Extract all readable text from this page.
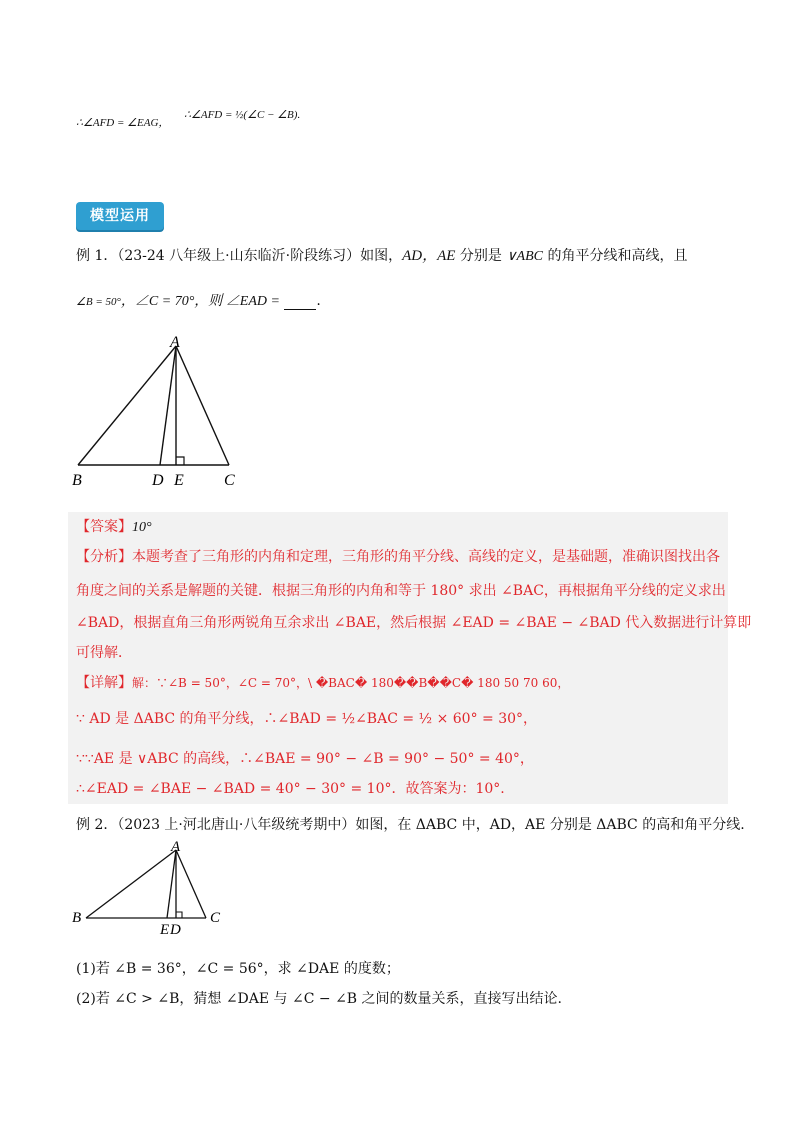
∴∠AFD = ∠EAG，
∴∠AFD = ½(∠C − ∠B).
模型运用
例 1．（23-24 八年级上·山东临沂·阶段练习）如图，AD，AE 分别是 ∨ABC 的角平分线和高线，且
∠B = 50°，∠C = 70°，则 ∠EAD =	.
A
B	D E	C
【答案】10°
【分析】本题考查了三角形的内角和定理，三角形的角平分线、高线的定义，是基础题，准确识图找出各
角度之间的关系是解题的关键．根据三角形的内角和等于 180° 求出 ∠BAC，再根据角平分线的定义求出
∠BAD，根据直角三角形两锐角互余求出 ∠BAE，然后根据 ∠EAD = ∠BAE − ∠BAD 代入数据进行计算即
可得解．
【详解】解：∵∠B = 50°，∠C = 70°，\ �BAC� 180��B��C� 180 50 70 60，
∵ AD 是 ΔABC 的角平分线，∴∠BAD = ½∠BAC = ½ × 60° = 30°，
∵∵AE 是 ∨ABC 的高线，∴∠BAE = 90° − ∠B = 90° − 50° = 40°，
∴∠EAD = ∠BAE − ∠BAD = 40° − 30° = 10°．故答案为：10°.
例 2．（2023 上·河北唐山·八年级统考期中）如图，在 ΔABC 中，AD，AE 分别是 ΔABC 的高和角平分线.
A
B
E D
C
(1)若 ∠B = 36°，∠C = 56°，求 ∠DAE 的度数；
(2)若 ∠C > ∠B，猜想 ∠DAE 与 ∠C − ∠B 之间的数量关系，直接写出结论.
